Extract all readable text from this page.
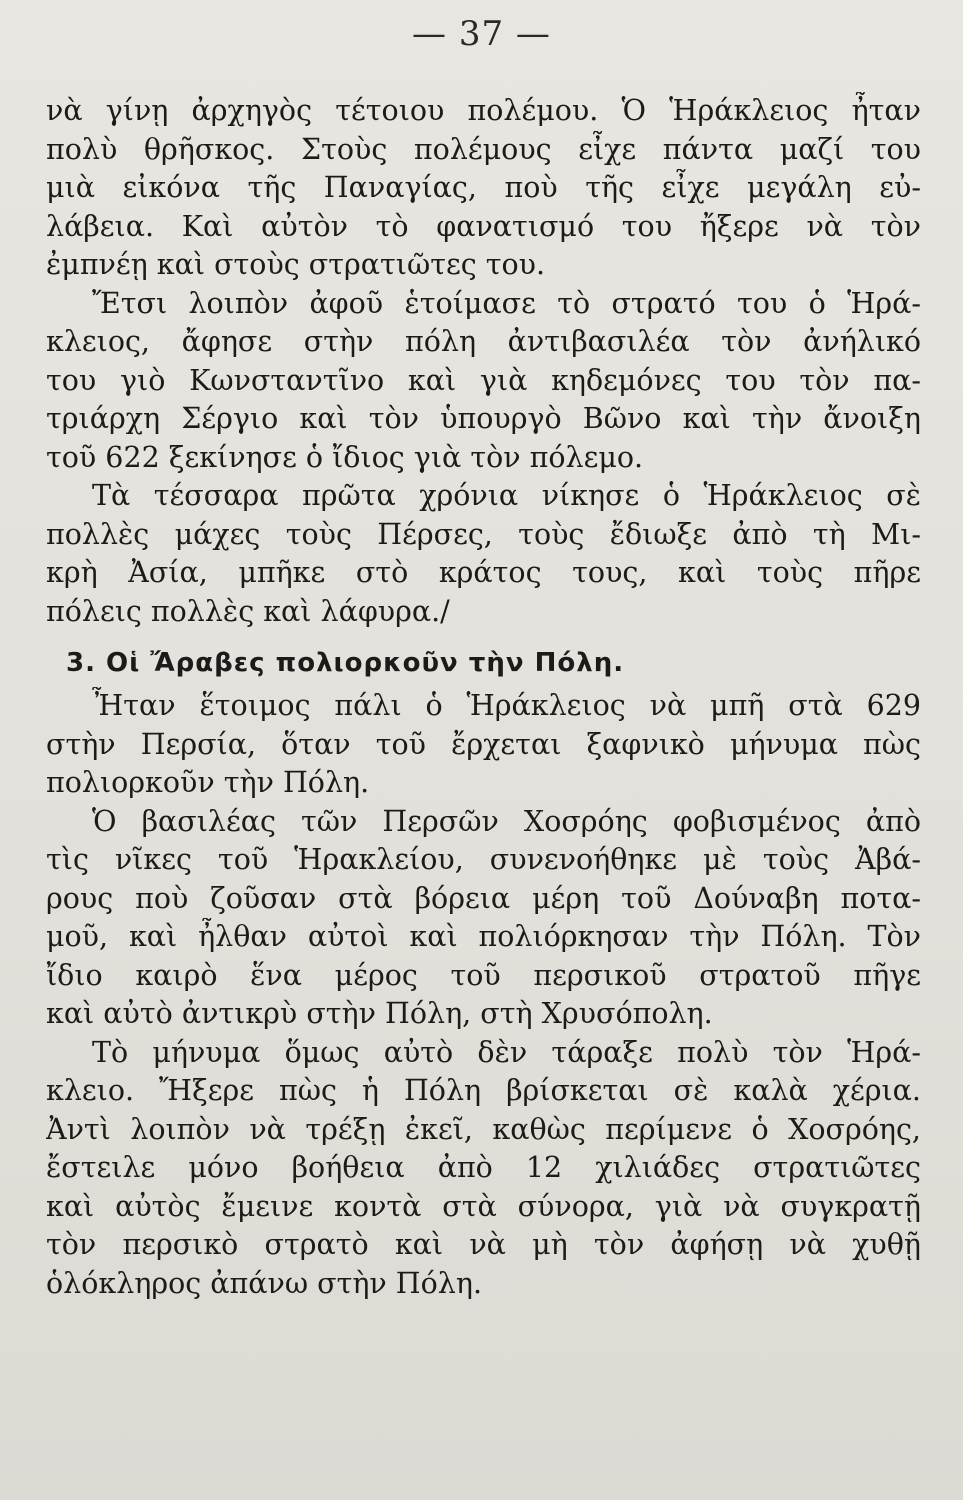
— 37 —
νὰ γίνῃ ἀρχηγὸς τέτοιου πολέμου. Ὁ Ἡράκλειος ἦταν
πολὺ θρῆσκος. Στοὺς πολέμους εἶχε πάντα μαζί του
μιὰ εἰκόνα τῆς Παναγίας, ποὺ τῆς εἶχε μεγάλη εὐ-
λάβεια. Καὶ αὐτὸν τὸ φανατισμό του ἤξερε νὰ τὸν
ἐμπνέῃ καὶ στοὺς στρατιῶτες του.
Ἔτσι λοιπὸν ἀφοῦ ἑτοίμασε τὸ στρατό του ὁ Ἡρά-
κλειος, ἄφησε στὴν πόλη ἀντιβασιλέα τὸν ἀνήλικό
του γιὸ Κωνσταντῖνο καὶ γιὰ κηδεμόνες του τὸν πα-
τριάρχη Σέργιο καὶ τὸν ὑπουργὸ Βῶνο καὶ τὴν ἄνοιξη
τοῦ 622 ξεκίνησε ὁ ἴδιος γιὰ τὸν πόλεμο.
Τὰ τέσσαρα πρῶτα χρόνια νίκησε ὁ Ἡράκλειος σὲ
πολλὲς μάχες τοὺς Πέρσες, τοὺς ἔδιωξε ἀπὸ τὴ Μι-
κρὴ Ἀσία, μπῆκε στὸ κράτος τους, καὶ τοὺς πῆρε
πόλεις πολλὲς καὶ λάφυρα./
3. Οἱ Ἄραβες πολιορκοῦν τὴν Πόλη.
Ἦταν ἕτοιμος πάλι ὁ Ἡράκλειος νὰ μπῆ στὰ 629
στὴν Περσία, ὅταν τοῦ ἔρχεται ξαφνικὸ μήνυμα πὼς
πολιορκοῦν τὴν Πόλη.
Ὁ βασιλέας τῶν Περσῶν Χοσρόης φοβισμένος ἀπὸ
τὶς νῖκες τοῦ Ἡρακλείου, συνενοήθηκε μὲ τοὺς Ἀβά-
ρους ποὺ ζοῦσαν στὰ βόρεια μέρη τοῦ Δούναβη ποτα-
μοῦ, καὶ ἦλθαν αὐτοὶ καὶ πολιόρκησαν τὴν Πόλη. Τὸν
ἴδιο καιρὸ ἕνα μέρος τοῦ περσικοῦ στρατοῦ πῆγε
καὶ αὐτὸ ἀντικρὺ στὴν Πόλη, στὴ Χρυσόπολη.
Τὸ μήνυμα ὅμως αὐτὸ δὲν τάραξε πολὺ τὸν Ἡρά-
κλειο. Ἤξερε πὼς ἡ Πόλη βρίσκεται σὲ καλὰ χέρια.
Ἀντὶ λοιπὸν νὰ τρέξῃ ἐκεῖ, καθὼς περίμενε ὁ Χοσρόης,
ἔστειλε μόνο βοήθεια ἀπὸ 12 χιλιάδες στρατιῶτες
καὶ αὐτὸς ἔμεινε κοντὰ στὰ σύνορα, γιὰ νὰ συγκρατῇ
τὸν περσικὸ στρατὸ καὶ νὰ μὴ τὸν ἀφήσῃ νὰ χυθῇ
ὁλόκληρος ἀπάνω στὴν Πόλη.
